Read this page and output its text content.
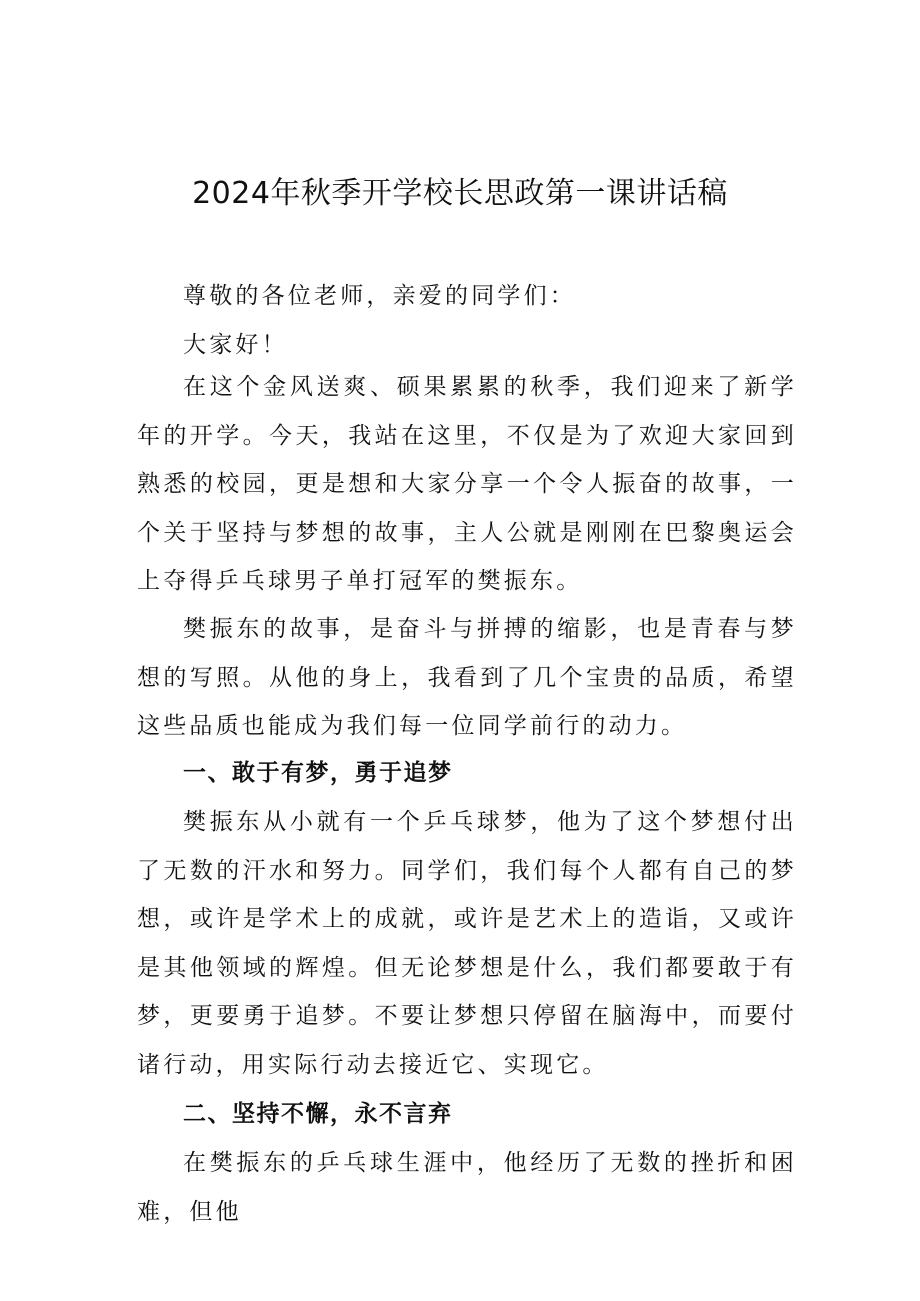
2024年秋季开学校长思政第一课讲话稿

尊敬的各位老师，亲爱的同学们：

大家好！

在这个金风送爽、硕果累累的秋季，我们迎来了新学年的开学。今天，我站在这里，不仅是为了欢迎大家回到熟悉的校园，更是想和大家分享一个令人振奋的故事，一个关于坚持与梦想的故事，主人公就是刚刚在巴黎奥运会上夺得乒乓球男子单打冠军的樊振东。

樊振东的故事，是奋斗与拼搏的缩影，也是青春与梦想的写照。从他的身上，我看到了几个宝贵的品质，希望这些品质也能成为我们每一位同学前行的动力。

一、敢于有梦，勇于追梦

樊振东从小就有一个乒乓球梦，他为了这个梦想付出了无数的汗水和努力。同学们，我们每个人都有自己的梦想，或许是学术上的成就，或许是艺术上的造诣，又或许是其他领域的辉煌。但无论梦想是什么，我们都要敢于有梦，更要勇于追梦。不要让梦想只停留在脑海中，而要付诸行动，用实际行动去接近它、实现它。

二、坚持不懈，永不言弃

在樊振东的乒乓球生涯中，他经历了无数的挫折和困难，但他
